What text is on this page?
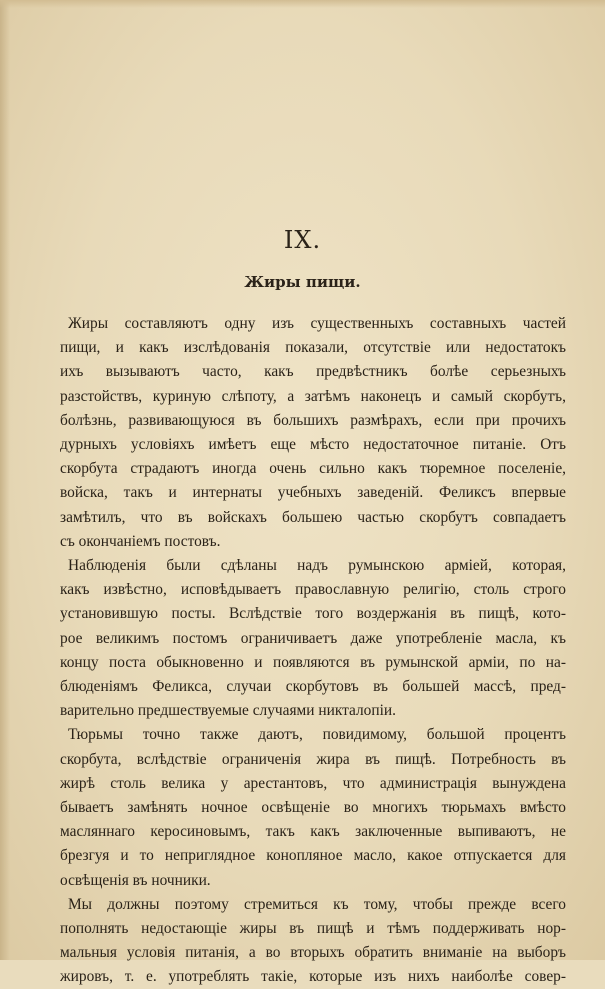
IX.
Жиры пищи.
Жиры составляютъ одну изъ существенныхъ составныхъ частей
пищи, и какъ изслѣдованія показали, отсутствіе или недостатокъ
ихъ вызываютъ часто, какъ предвѣстникъ болѣе серьезныхъ
разстойствъ, куриную слѣпоту, а затѣмъ наконецъ и самый скорбутъ,
болѣзнь, развивающуюся въ большихъ размѣрахъ, если при прочихъ
дурныхъ условіяхъ имѣетъ еще мѣсто недостаточное питаніе. Отъ
скорбута страдаютъ иногда очень сильно какъ тюремное поселеніе,
войска, такъ и интернаты учебныхъ заведеній. Феликсъ впервые
замѣтилъ, что въ войскахъ большею частью скорбутъ совпадаетъ
съ окончаніемъ постовъ.
Наблюденія были сдѣланы надъ румынскою арміей, которая,
какъ извѣстно, исповѣдываетъ православную религію, столь строго
установившую посты. Вслѣдствіе того воздержанія въ пищѣ, кото-
рое великимъ постомъ ограничиваетъ даже употребленіе масла, къ
концу поста обыкновенно и появляются въ румынской арміи, по на-
блюденіямъ Феликса, случаи скорбутовъ въ большей массѣ, пред-
варительно предшествуемые случаями никталопіи.
Тюрьмы точно также даютъ, повидимому, большой процентъ
скорбута, вслѣдствіе ограниченія жира въ пищѣ. Потребность въ
жирѣ столь велика у арестантовъ, что администрація вынуждена
бываетъ замѣнять ночное освѣщеніе во многихъ тюрьмахъ вмѣсто
масляннаго керосиновымъ, такъ какъ заключенные выпиваютъ, не
брезгуя и то неприглядное конопляное масло, какое отпускается для
освѣщенія въ ночники.
Мы должны поэтому стремиться къ тому, чтобы прежде всего
пополнять недостающіе жиры въ пищѣ и тѣмъ поддерживать нор-
мальныя условія питанія, а во вторыхъ обратить вниманіе на выборъ
жировъ, т. е. употреблять такіе, которые изъ нихъ наиболѣе совер-
